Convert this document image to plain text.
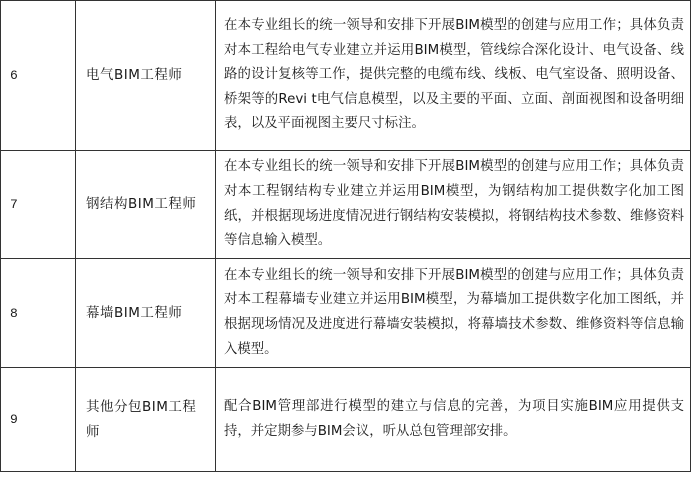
6	电气BIM工程师	在本专业组长的统一领导和安排下开展BIM模型的创建与应用工作；具体负责对本工程给电气专业建立并运用BIM模型，管线综合深化设计、电气设备、线路的设计复核等工作，提供完整的电缆布线、线板、电气室设备、照明设备、桥架等的Revi t电气信息模型，以及主要的平面、立面、剖面视图和设备明细表，以及平面视图主要尺寸标注。

7	钢结构BIM工程师	在本专业组长的统一领导和安排下开展BIM模型的创建与应用工作；具体负责对本工程钢结构专业建立并运用BIM模型，为钢结构加工提供数字化加工图纸，并根据现场进度情况进行钢结构安装模拟，将钢结构技术参数、维修资料等信息输入模型。

8	幕墙BIM工程师	在本专业组长的统一领导和安排下开展BIM模型的创建与应用工作；具体负责对本工程幕墙专业建立并运用BIM模型，为幕墙加工提供数字化加工图纸，并根据现场情况及进度进行幕墙安装模拟，将幕墙技术参数、维修资料等信息输入模型。

9	其他分包BIM工程师	配合BIM管理部进行模型的建立与信息的完善，为项目实施BIM应用提供支持，并定期参与BIM会议，听从总包管理部安排。
